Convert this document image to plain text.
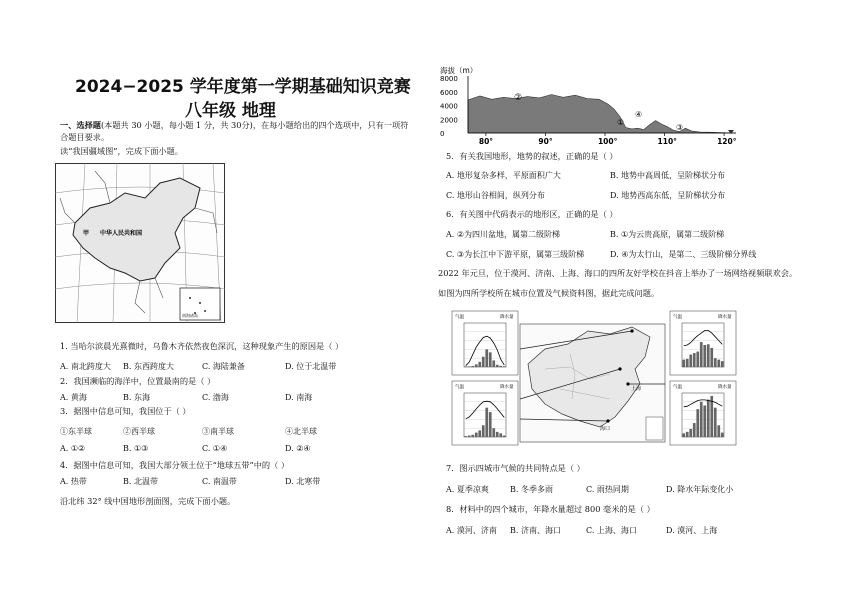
2024−2025 学年度第一学期基础知识竞赛
八年级 地理
一、选择题(本题共 30 小题，每小题 1 分，共 30分)，在每小题给出的四个选项中，只有一项符
合题目要求。
读“我国疆域图”，完成下面小题。
甲 中华人民共和国
南海诸岛
1. 当哈尔滨晨光熹微时，乌鲁木齐依然夜色深沉，这种现象产生的原因是（ ）
A. 南北跨度大 B. 东西跨度大	C. 海陆兼备	D. 位于北温带
2．我国濒临的海洋中，位置最南的是（ ）
A. 黄海	B. 东海	C. 渤海	D. 南海
3．据图中信息可知，我国位于（ ）
①东半球	②西半球	③南半球	④北半球
A. ①②	B. ①③	C. ①④	D. ②④
4．据图中信息可知，我国大部分领土位于“地球五带”中的（ ）
A. 热带	B. 北温带	C. 南温带	D. 北寒带
沿北纬 32° 线中国地形剖面图，完成下面小题。
海拔（m）
8000
6000
4000
2000
0
80°	90°	100°	110°	120°
②
①
④
③
5．有关我国地形，地势的叙述，正确的是（ ）
A. 地形复杂多样，平原面积广大	B. 地势中高周低，呈阶梯状分布
C. 地形山谷相间，纵列分布	D. 地势西高东低，呈阶梯状分布
6．有关图中代码表示的地形区，正确的是（ ）
A. ②为四川盆地，属第二级阶梯	B. ①为云贵高原，属第二级阶梯
C. ③为长江中下游平原，属第三级阶梯	D. ④为太行山，是第二、三级阶梯分界线
2022 年元旦，位于漠河、济南、上海、海口的四所友好学校在抖音上举办了一场网络视频联欢会。
如图为四所学校所在城市位置及气候资料图，据此完成问题。
海口
上海
气温	降水量
气温	降水量	气温	降水量
气温	降水量
7．图示四城市气候的共同特点是（ ）
A. 夏季凉爽	B. 冬季多雨	C. 雨热同期	D. 降水年际变化小
8．材料中的四个城市，年降水量超过 800 毫米的是（ ）
A. 漠河、济南 B. 济南、海口	C. 上海、海口	D. 漠河、上海
